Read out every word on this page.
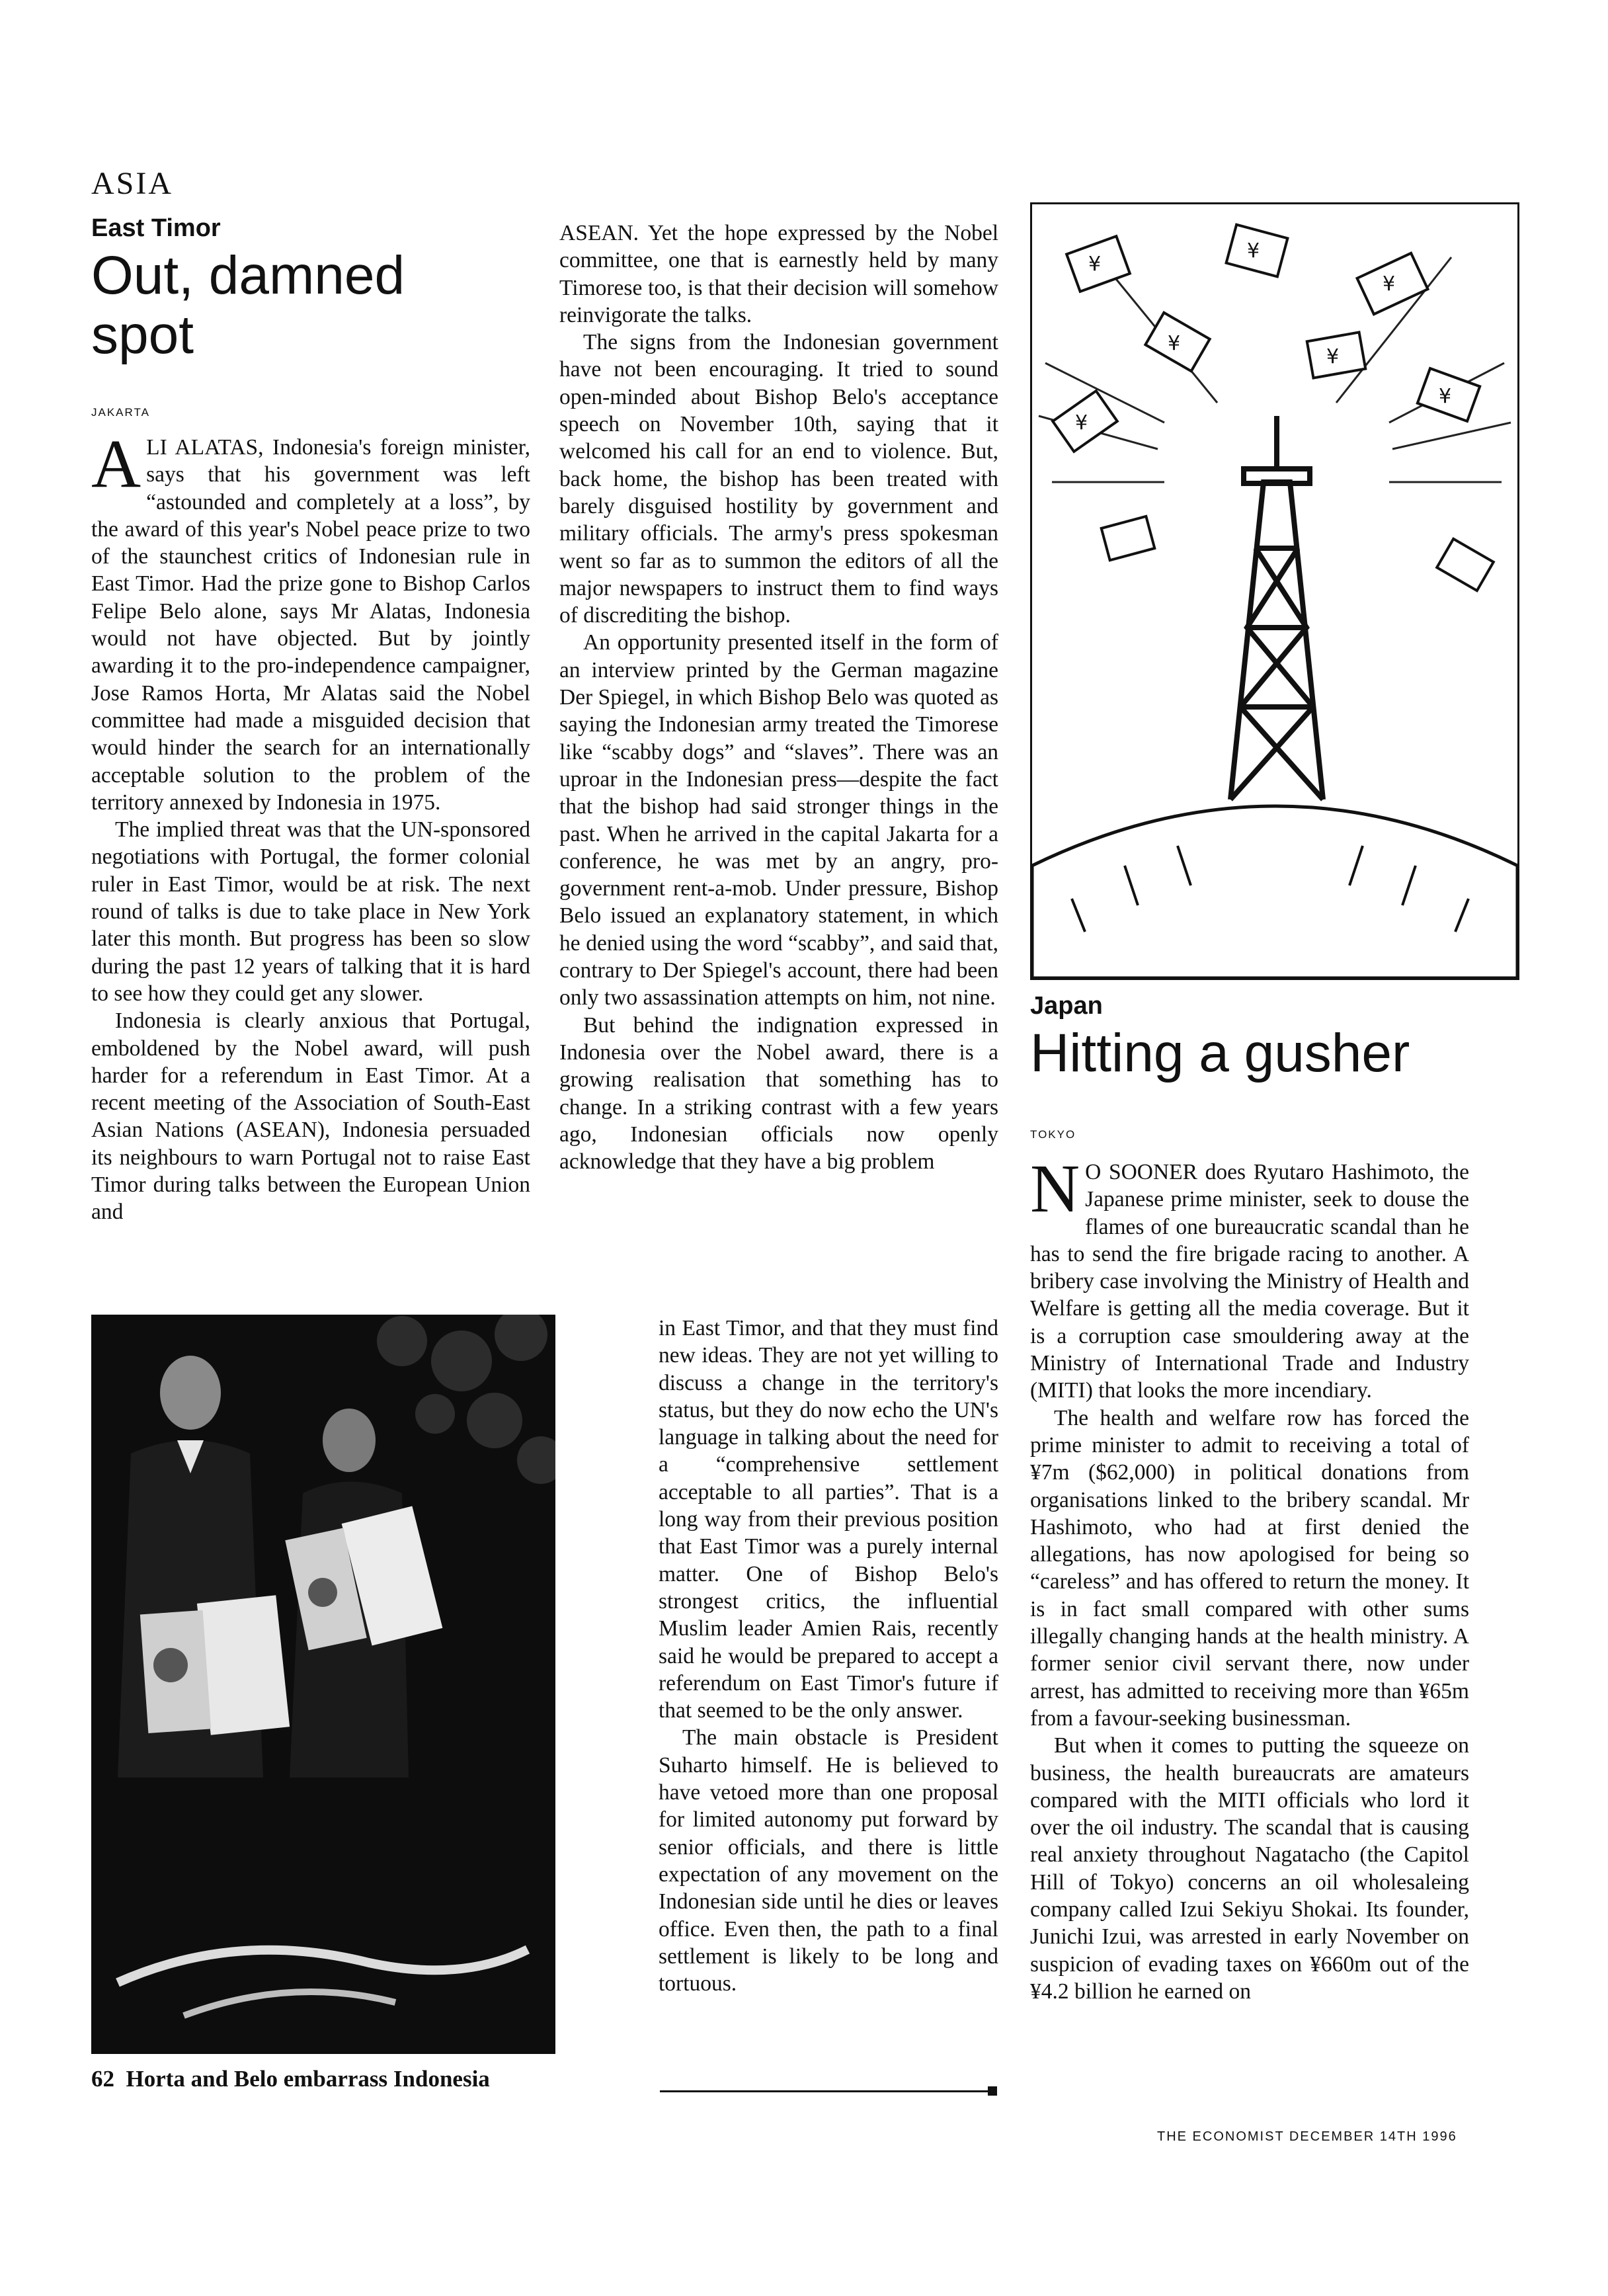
ASIA
East Timor
Out, damned spot
JAKARTA

ALI ALATAS, Indonesia's foreign minister, says that his government was left “astounded and completely at a loss”, by the award of this year's Nobel peace prize to two of the staunchest critics of Indonesian rule in East Timor. Had the prize gone to Bishop Carlos Felipe Belo alone, says Mr Alatas, Indonesia would not have objected. But by jointly awarding it to the pro-independence campaigner, Jose Ramos Horta, Mr Alatas said the Nobel committee had made a misguided decision that would hinder the search for an internationally acceptable solution to the problem of the territory annexed by Indonesia in 1975.

The implied threat was that the UN-sponsored negotiations with Portugal, the former colonial ruler in East Timor, would be at risk. The next round of talks is due to take place in New York later this month. But progress has been so slow during the past 12 years of talking that it is hard to see how they could get any slower.

Indonesia is clearly anxious that Portugal, emboldened by the Nobel award, will push harder for a referendum in East Timor. At a recent meeting of the Association of South-East Asian Nations (ASEAN), Indonesia persuaded its neighbours to warn Portugal not to raise East Timor during talks between the European Union and

ASEAN. Yet the hope expressed by the Nobel committee, one that is earnestly held by many Timorese too, is that their decision will somehow reinvigorate the talks.

The signs from the Indonesian government have not been encouraging. It tried to sound open-minded about Bishop Belo's acceptance speech on November 10th, saying that it welcomed his call for an end to violence. But, back home, the bishop has been treated with barely disguised hostility by government and military officials. The army's press spokesman went so far as to summon the editors of all the major newspapers to instruct them to find ways of discrediting the bishop.

An opportunity presented itself in the form of an interview printed by the German magazine Der Spiegel, in which Bishop Belo was quoted as saying the Indonesian army treated the Timorese like “scabby dogs” and “slaves”. There was an uproar in the Indonesian press—despite the fact that the bishop had said stronger things in the past. When he arrived in the capital Jakarta for a conference, he was met by an angry, pro-government rent-a-mob. Under pressure, Bishop Belo issued an explanatory statement, in which he denied using the word “scabby”, and said that, contrary to Der Spiegel's account, there had been only two assassination attempts on him, not nine.

But behind the indignation expressed in Indonesia over the Nobel award, there is a growing realisation that something has to change. In a striking contrast with a few years ago, Indonesian officials now openly acknowledge that they have a big problem

in East Timor, and that they must find new ideas. They are not yet willing to discuss a change in the territory's status, but they do now echo the UN's language in talking about the need for a “comprehensive settlement acceptable to all parties”. That is a long way from their previous position that East Timor was a purely internal matter. One of Bishop Belo's strongest critics, the influential Muslim leader Amien Rais, recently said he would be prepared to accept a referendum on East Timor's future if that seemed to be the only answer.

The main obstacle is President Suharto himself. He is believed to have vetoed more than one proposal for limited autonomy put forward by senior officials, and there is little expectation of any movement on the Indonesian side until he dies or leaves office. Even then, the path to a final settlement is likely to be long and tortuous.

62 Horta and Belo embarrass Indonesia
¥
¥
¥
¥
¥
¥
¥
Japan
Hitting a gusher
TOKYO

NO SOONER does Ryutaro Hashimoto, the Japanese prime minister, seek to douse the flames of one bureaucratic scandal than he has to send the fire brigade racing to another. A bribery case involving the Ministry of Health and Welfare is getting all the media coverage. But it is a corruption case smouldering away at the Ministry of International Trade and Industry (MITI) that looks the more incendiary.

The health and welfare row has forced the prime minister to admit to receiving a total of ¥7m ($62,000) in political donations from organisations linked to the bribery scandal. Mr Hashimoto, who had at first denied the allegations, has now apologised for being so “careless” and has offered to return the money. It is in fact small compared with other sums illegally changing hands at the health ministry. A former senior civil servant there, now under arrest, has admitted to receiving more than ¥65m from a favour-seeking businessman.

But when it comes to putting the squeeze on business, the health bureaucrats are amateurs compared with the MITI officials who lord it over the oil industry. The scandal that is causing real anxiety throughout Nagatacho (the Capitol Hill of Tokyo) concerns an oil wholesaleing company called Izui Sekiyu Shokai. Its founder, Junichi Izui, was arrested in early November on suspicion of evading taxes on ¥660m out of the ¥4.2 billion he earned on

THE ECONOMIST DECEMBER 14TH 1996
